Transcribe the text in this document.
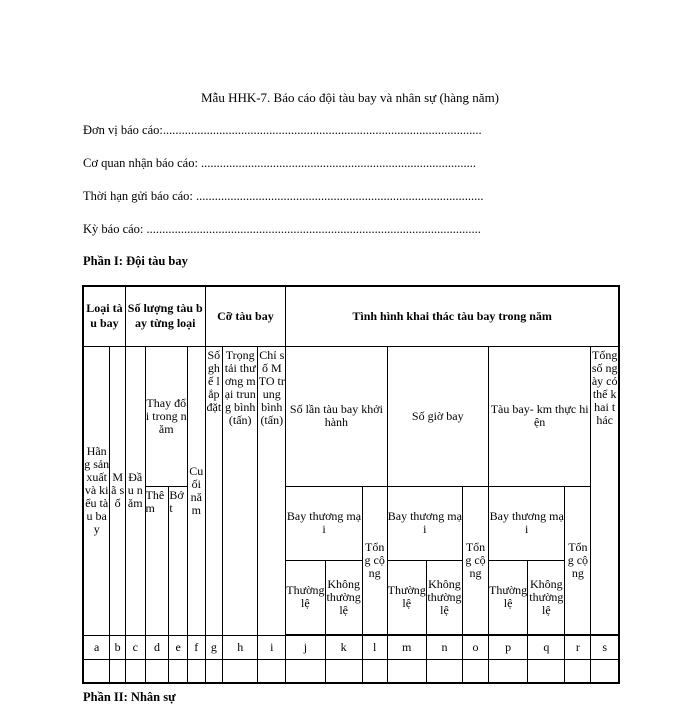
Mẫu HHK-7. Báo cáo đội tàu bay và nhân sự (hàng năm)
Đơn vị báo cáo:......................................................................................................
Cơ quan nhận báo cáo: ........................................................................................
Thời hạn gửi báo cáo: ............................................................................................
Kỳ báo cáo: ...........................................................................................................
Phần I: Đội tàu bay
Loại tàu bay		Số lượng tàu bay từng loại				Cỡ tàu bay			Tình hình khai thác tàu bay trong năm									
Hãng sản xuất và kiểu tàu bay	Mã số	Đầu năm	Thay đổi trong năm		Cuối năm	Số ghế lắp đặt	Trọng tải thương mại trung bình (tấn)	Chỉ số MTO trung bình (tấn)	Số lần tàu bay khởi hành			Số giờ bay			Tàu bay- km thực hiện			Tổng số ngày có thể khai thác
			Thêm	Bớt					Bay thương mại		Tổng cộng	Bay thương mại		Tổng cộng	Bay thương mại		Tổng cộng	
									Thường lệ	Không thường lệ		Thường lệ	Không thường lệ		Thường lệ	Không thường lệ		

a	b	c	d	e	f	g	h	i	j	k	l	m	n	o	p	q	r	s

Phần II: Nhân sự
